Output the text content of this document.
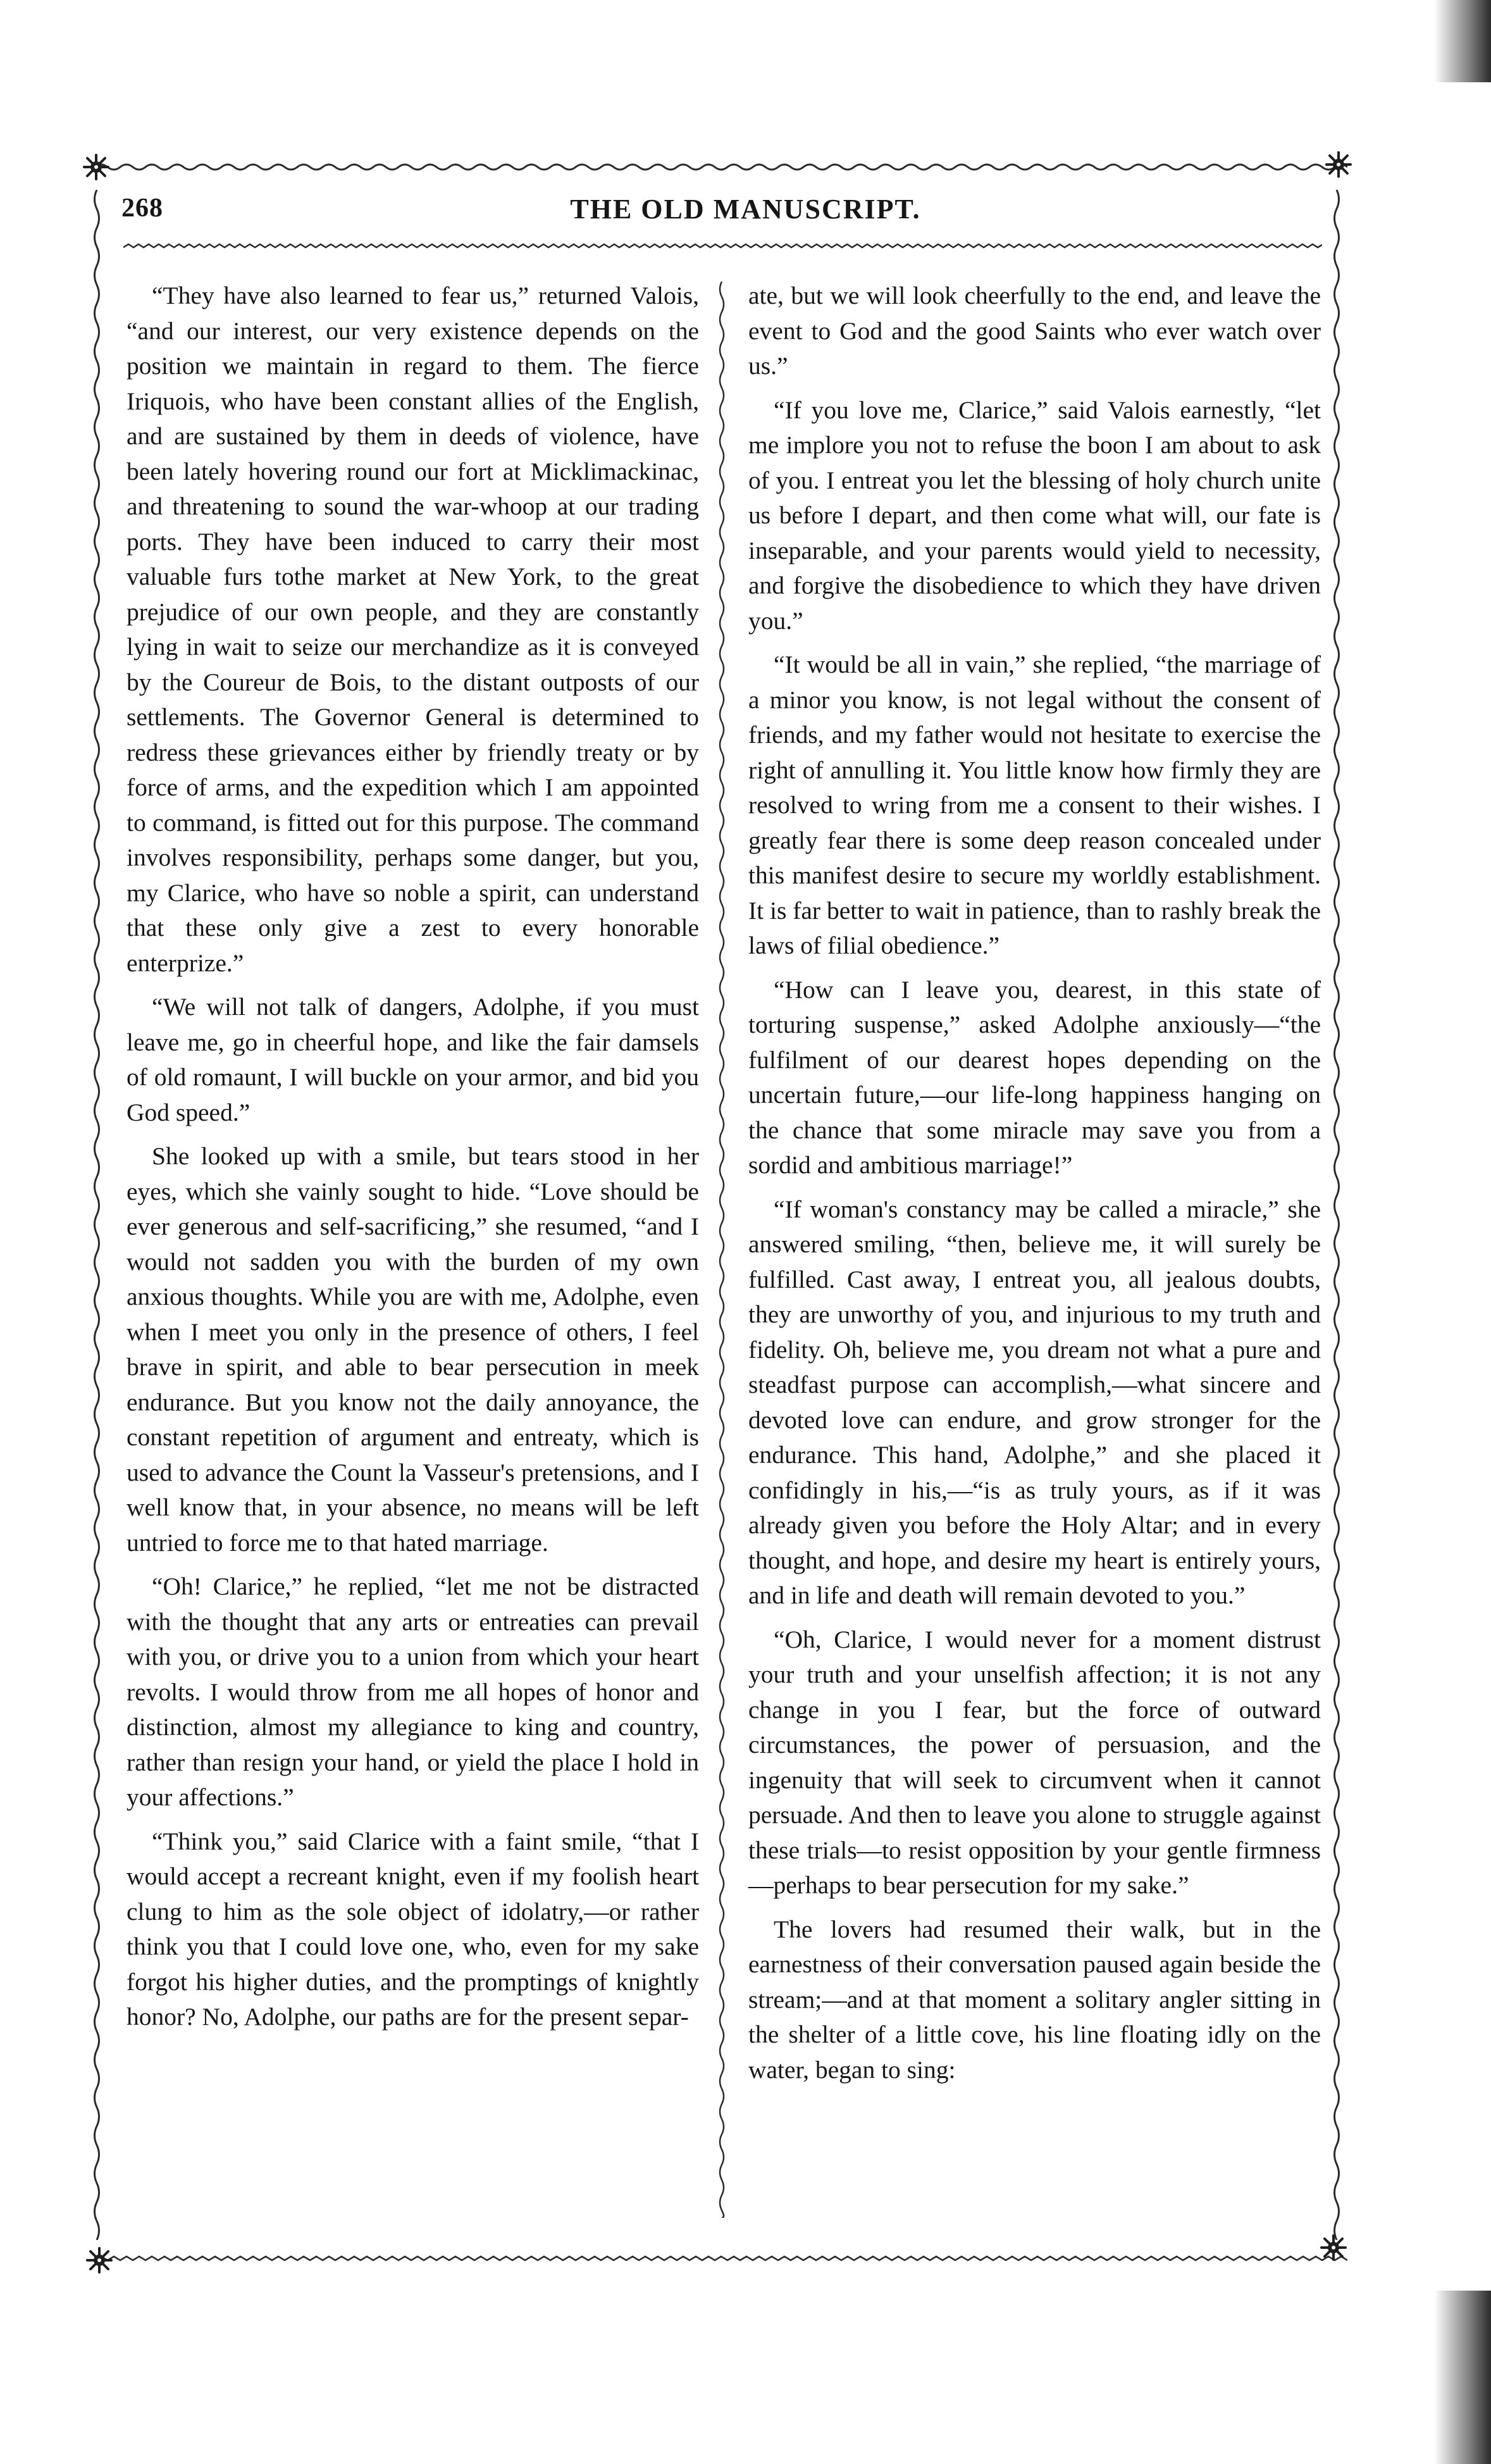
268	THE OLD MANUSCRIPT.

“They have also learned to fear us,” returned Valois, “and our interest, our very existence depends on the position we maintain in regard to them. The fierce Iriquois, who have been constant allies of the English, and are sustained by them in deeds of violence, have been lately hovering round our fort at Micklimackinac, and threatening to sound the war-whoop at our trading ports. They have been induced to carry their most valuable furs tothe market at New York, to the great prejudice of our own people, and they are constantly lying in wait to seize our merchandize as it is conveyed by the Coureur de Bois, to the distant outposts of our settlements. The Governor General is determined to redress these grievances either by friendly treaty or by force of arms, and the expedition which I am appointed to command, is fitted out for this purpose. The command involves responsibility, perhaps some danger, but you, my Clarice, who have so noble a spirit, can understand that these only give a zest to every honorable enterprize.”

“We will not talk of dangers, Adolphe, if you must leave me, go in cheerful hope, and like the fair damsels of old romaunt, I will buckle on your armor, and bid you God speed.”

She looked up with a smile, but tears stood in her eyes, which she vainly sought to hide. “Love should be ever generous and self-sacrificing,” she resumed, “and I would not sadden you with the burden of my own anxious thoughts. While you are with me, Adolphe, even when I meet you only in the presence of others, I feel brave in spirit, and able to bear persecution in meek endurance. But you know not the daily annoyance, the constant repetition of argument and entreaty, which is used to advance the Count la Vasseur's pretensions, and I well know that, in your absence, no means will be left untried to force me to that hated marriage.

“Oh! Clarice,” he replied, “let me not be distracted with the thought that any arts or entreaties can prevail with you, or drive you to a union from which your heart revolts. I would throw from me all hopes of honor and distinction, almost my allegiance to king and country, rather than resign your hand, or yield the place I hold in your affections.”

“Think you,” said Clarice with a faint smile, “that I would accept a recreant knight, even if my foolish heart clung to him as the sole object of idolatry,—or rather think you that I could love one, who, even for my sake forgot his higher duties, and the promptings of knightly honor? No, Adolphe, our paths are for the present separ-

ate, but we will look cheerfully to the end, and leave the event to God and the good Saints who ever watch over us.”

“If you love me, Clarice,” said Valois earnestly, “let me implore you not to refuse the boon I am about to ask of you. I entreat you let the blessing of holy church unite us before I depart, and then come what will, our fate is inseparable, and your parents would yield to necessity, and forgive the disobedience to which they have driven you.”

“It would be all in vain,” she replied, “the marriage of a minor you know, is not legal without the consent of friends, and my father would not hesitate to exercise the right of annulling it. You little know how firmly they are resolved to wring from me a consent to their wishes. I greatly fear there is some deep reason concealed under this manifest desire to secure my worldly establishment. It is far better to wait in patience, than to rashly break the laws of filial obedience.”

“How can I leave you, dearest, in this state of torturing suspense,” asked Adolphe anxiously—“the fulfilment of our dearest hopes depending on the uncertain future,—our life-long happiness hanging on the chance that some miracle may save you from a sordid and ambitious marriage!”

“If woman's constancy may be called a miracle,” she answered smiling, “then, believe me, it will surely be fulfilled. Cast away, I entreat you, all jealous doubts, they are unworthy of you, and injurious to my truth and fidelity. Oh, believe me, you dream not what a pure and steadfast purpose can accomplish,—what sincere and devoted love can endure, and grow stronger for the endurance. This hand, Adolphe,” and she placed it confidingly in his,—“is as truly yours, as if it was already given you before the Holy Altar; and in every thought, and hope, and desire my heart is entirely yours, and in life and death will remain devoted to you.”

“Oh, Clarice, I would never for a moment distrust your truth and your unselfish affection; it is not any change in you I fear, but the force of outward circumstances, the power of persuasion, and the ingenuity that will seek to circumvent when it cannot persuade. And then to leave you alone to struggle against these trials—to resist opposition by your gentle firmness—perhaps to bear persecution for my sake.”

The lovers had resumed their walk, but in the earnestness of their conversation paused again beside the stream;—and at that moment a solitary angler sitting in the shelter of a little cove, his line floating idly on the water, began to sing:
